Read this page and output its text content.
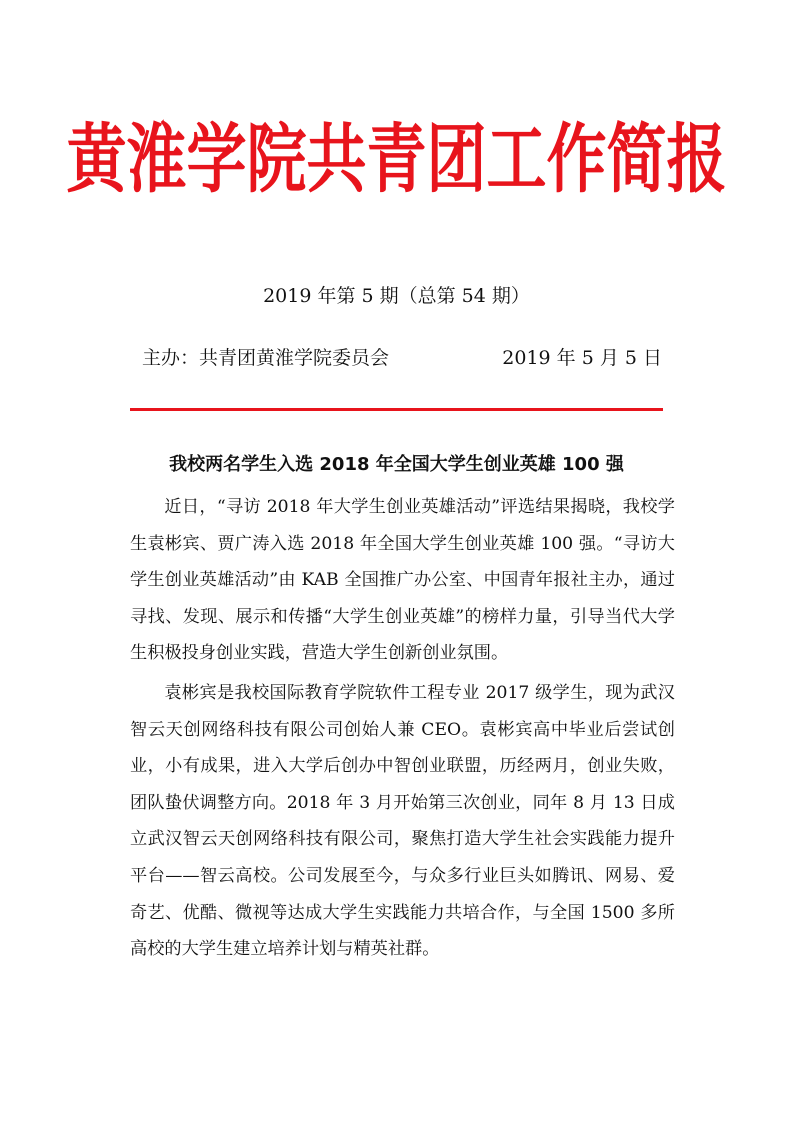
黄淮学院共青团工作简报
2019 年第 5 期（总第 54 期）
主办：共青团黄淮学院委员会	2019 年 5 月 5 日
我校两名学生入选 2018 年全国大学生创业英雄 100 强

近日，“寻访 2018 年大学生创业英雄活动”评选结果揭晓，我校学生袁彬宾、贾广涛入选 2018 年全国大学生创业英雄 100 强。“寻访大学生创业英雄活动”由 KAB 全国推广办公室、中国青年报社主办，通过寻找、发现、展示和传播“大学生创业英雄”的榜样力量，引导当代大学生积极投身创业实践，营造大学生创新创业氛围。

袁彬宾是我校国际教育学院软件工程专业 2017 级学生，现为武汉智云天创网络科技有限公司创始人兼 CEO。袁彬宾高中毕业后尝试创业，小有成果，进入大学后创办中智创业联盟，历经两月，创业失败，团队蛰伏调整方向。2018 年 3 月开始第三次创业，同年 8 月 13 日成立武汉智云天创网络科技有限公司，聚焦打造大学生社会实践能力提升平台——智云高校。公司发展至今，与众多行业巨头如腾讯、网易、爱奇艺、优酷、微视等达成大学生实践能力共培合作，与全国 1500 多所高校的大学生建立培养计划与精英社群。
